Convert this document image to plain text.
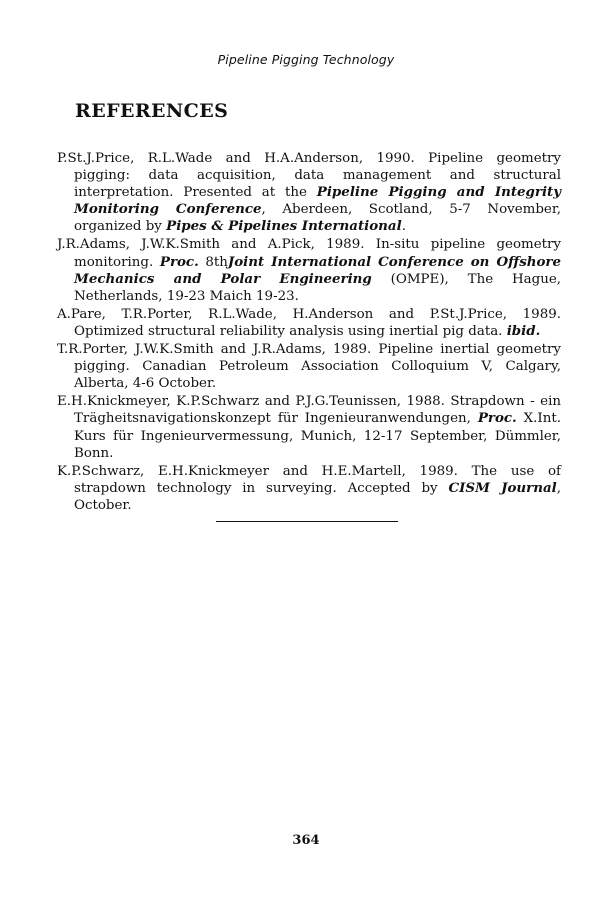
Pipeline Pigging Technology
REFERENCES
P.St.J.Price, R.L.Wade and H.A.Anderson, 1990. Pipeline geometry pigging: data acquisition, data management and structural interpretation. Presented at the Pipeline Pigging and Integrity Monitoring Conference, Aberdeen, Scotland, 5-7 November, organized by Pipes & Pipelines International.
J.R.Adams, J.W.K.Smith and A.Pick, 1989. In-situ pipeline geometry monitoring. Proc. 8thJoint International Conference on Offshore Mechanics and Polar Engineering (OMPE), The Hague, Netherlands, 19-23 Maich 19-23.
A.Pare, T.R.Porter, R.L.Wade, H.Anderson and P.St.J.Price, 1989. Optimized structural reliability analysis using inertial pig data. ibid.
T.R.Porter, J.W.K.Smith and J.R.Adams, 1989. Pipeline inertial geometry pigging. Canadian Petroleum Association Colloquium V, Calgary, Alberta, 4-6 October.
E.H.Knickmeyer, K.P.Schwarz and P.J.G.Teunissen, 1988. Strapdown - ein Trägheitsnavigationskonzept für Ingenieuranwendungen, Proc. X.Int. Kurs für Ingenieurvermessung, Munich, 12-17 September, Dümmler, Bonn.
K.P.Schwarz, E.H.Knickmeyer and H.E.Martell, 1989. The use of strapdown technology in surveying. Accepted by CISM Journal, October.
364
